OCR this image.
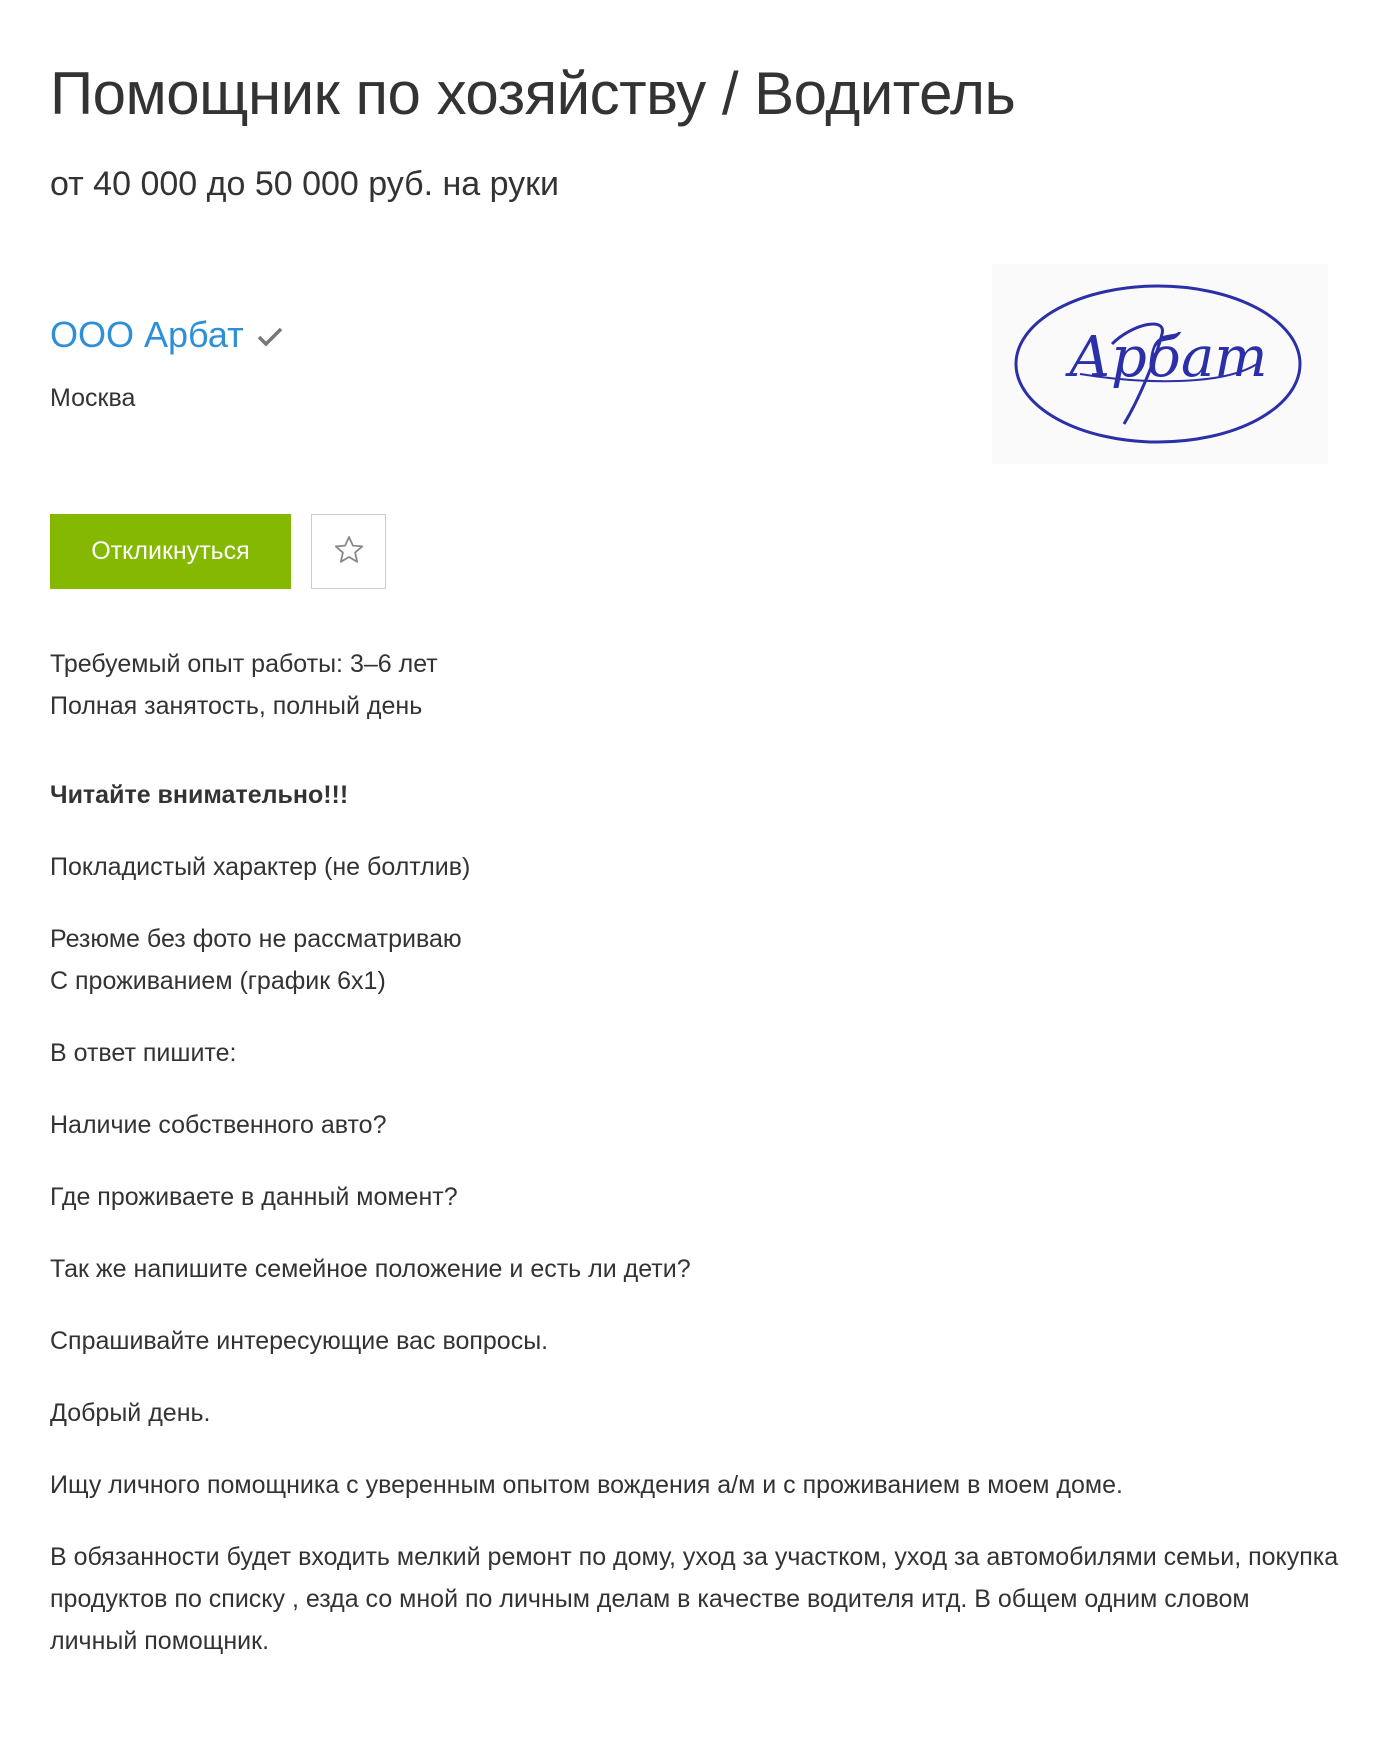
Помощник по хозяйству / Водитель
от 40 000 до 50 000 руб. на руки
ООО Арбат
Москва
Арбат
Откликнуться
Требуемый опыт работы: 3–6 лет
Полная занятость, полный день

Читайте внимательно!!!

Покладистый характер (не болтлив)

Резюме без фото не рассматриваю
С проживанием (график 6х1)

В ответ пишите:

Наличие собственного авто?

Где проживаете в данный момент?

Так же напишите семейное положение и есть ли дети?

Спрашивайте интересующие вас вопросы.

Добрый день.

Ищу личного помощника с уверенным опытом вождения а/м и с проживанием в моем доме.

В обязанности будет входить мелкий ремонт по дому, уход за участком, уход за автомобилями семьи, покупка продуктов по списку , езда со мной по личным делам в качестве водителя итд. В общем одним словом личный помощник.
